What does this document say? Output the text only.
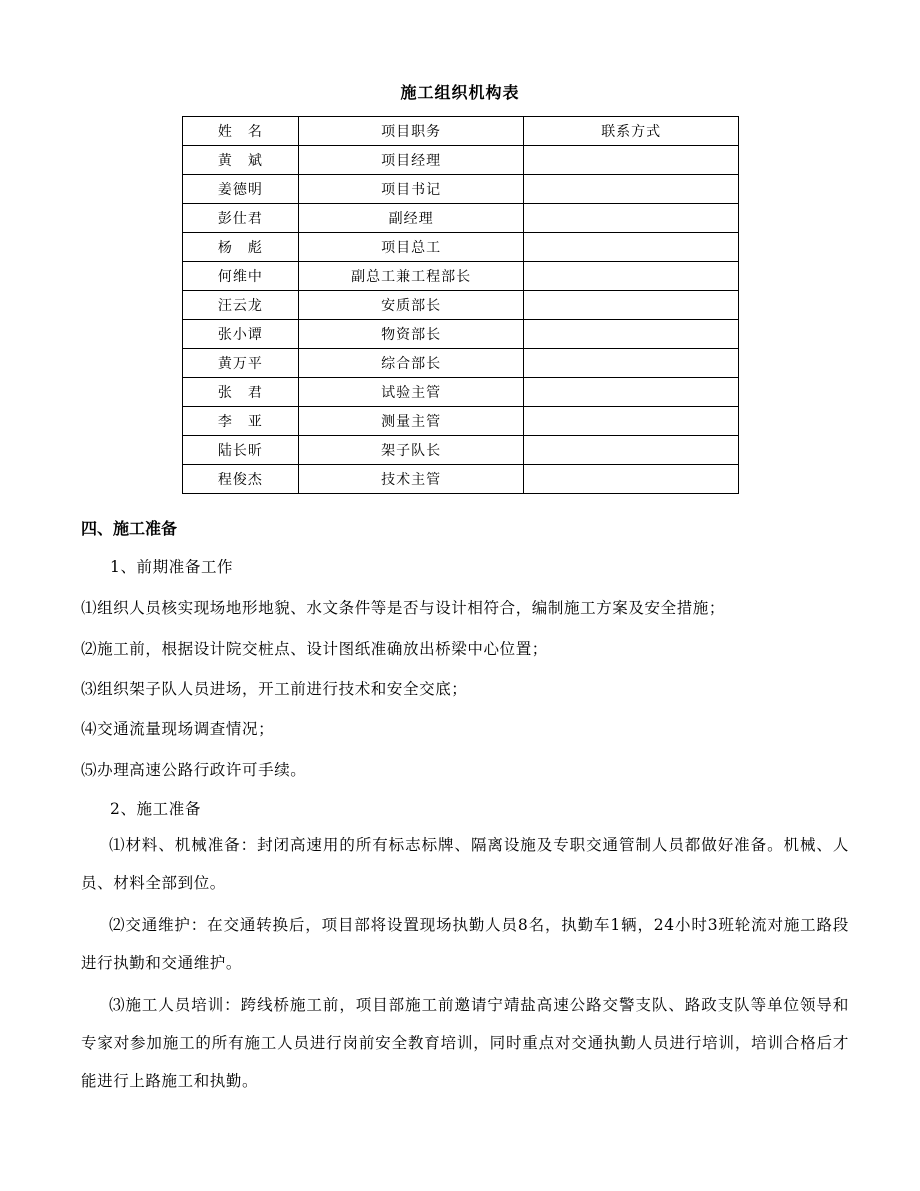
施工组织机构表
姓　名	项目职务	联系方式
黄　斌	项目经理	
姜德明	项目书记	
彭仕君	副经理	
杨　彪	项目总工	
何维中	副总工兼工程部长	
汪云龙	安质部长	
张小谭	物资部长	
黄万平	综合部长	
张　君	试验主管	
李　亚	测量主管	
陆长昕	架子队长	
程俊杰	技术主管	
四、施工准备
1、前期准备工作
⑴组织人员核实现场地形地貌、水文条件等是否与设计相符合，编制施工方案及安全措施；
⑵施工前，根据设计院交桩点、设计图纸准确放出桥梁中心位置；
⑶组织架子队人员进场，开工前进行技术和安全交底；
⑷交通流量现场调查情况；
⑸办理高速公路行政许可手续。
2、施工准备
⑴材料、机械准备：封闭高速用的所有标志标牌、隔离设施及专职交通管制人员都做好准备。机械、人员、材料全部到位。
⑵交通维护：在交通转换后，项目部将设置现场执勤人员8名，执勤车1辆，24小时3班轮流对施工路段进行执勤和交通维护。
⑶施工人员培训：跨线桥施工前，项目部施工前邀请宁靖盐高速公路交警支队、路政支队等单位领导和专家对参加施工的所有施工人员进行岗前安全教育培训，同时重点对交通执勤人员进行培训，培训合格后才能进行上路施工和执勤。
